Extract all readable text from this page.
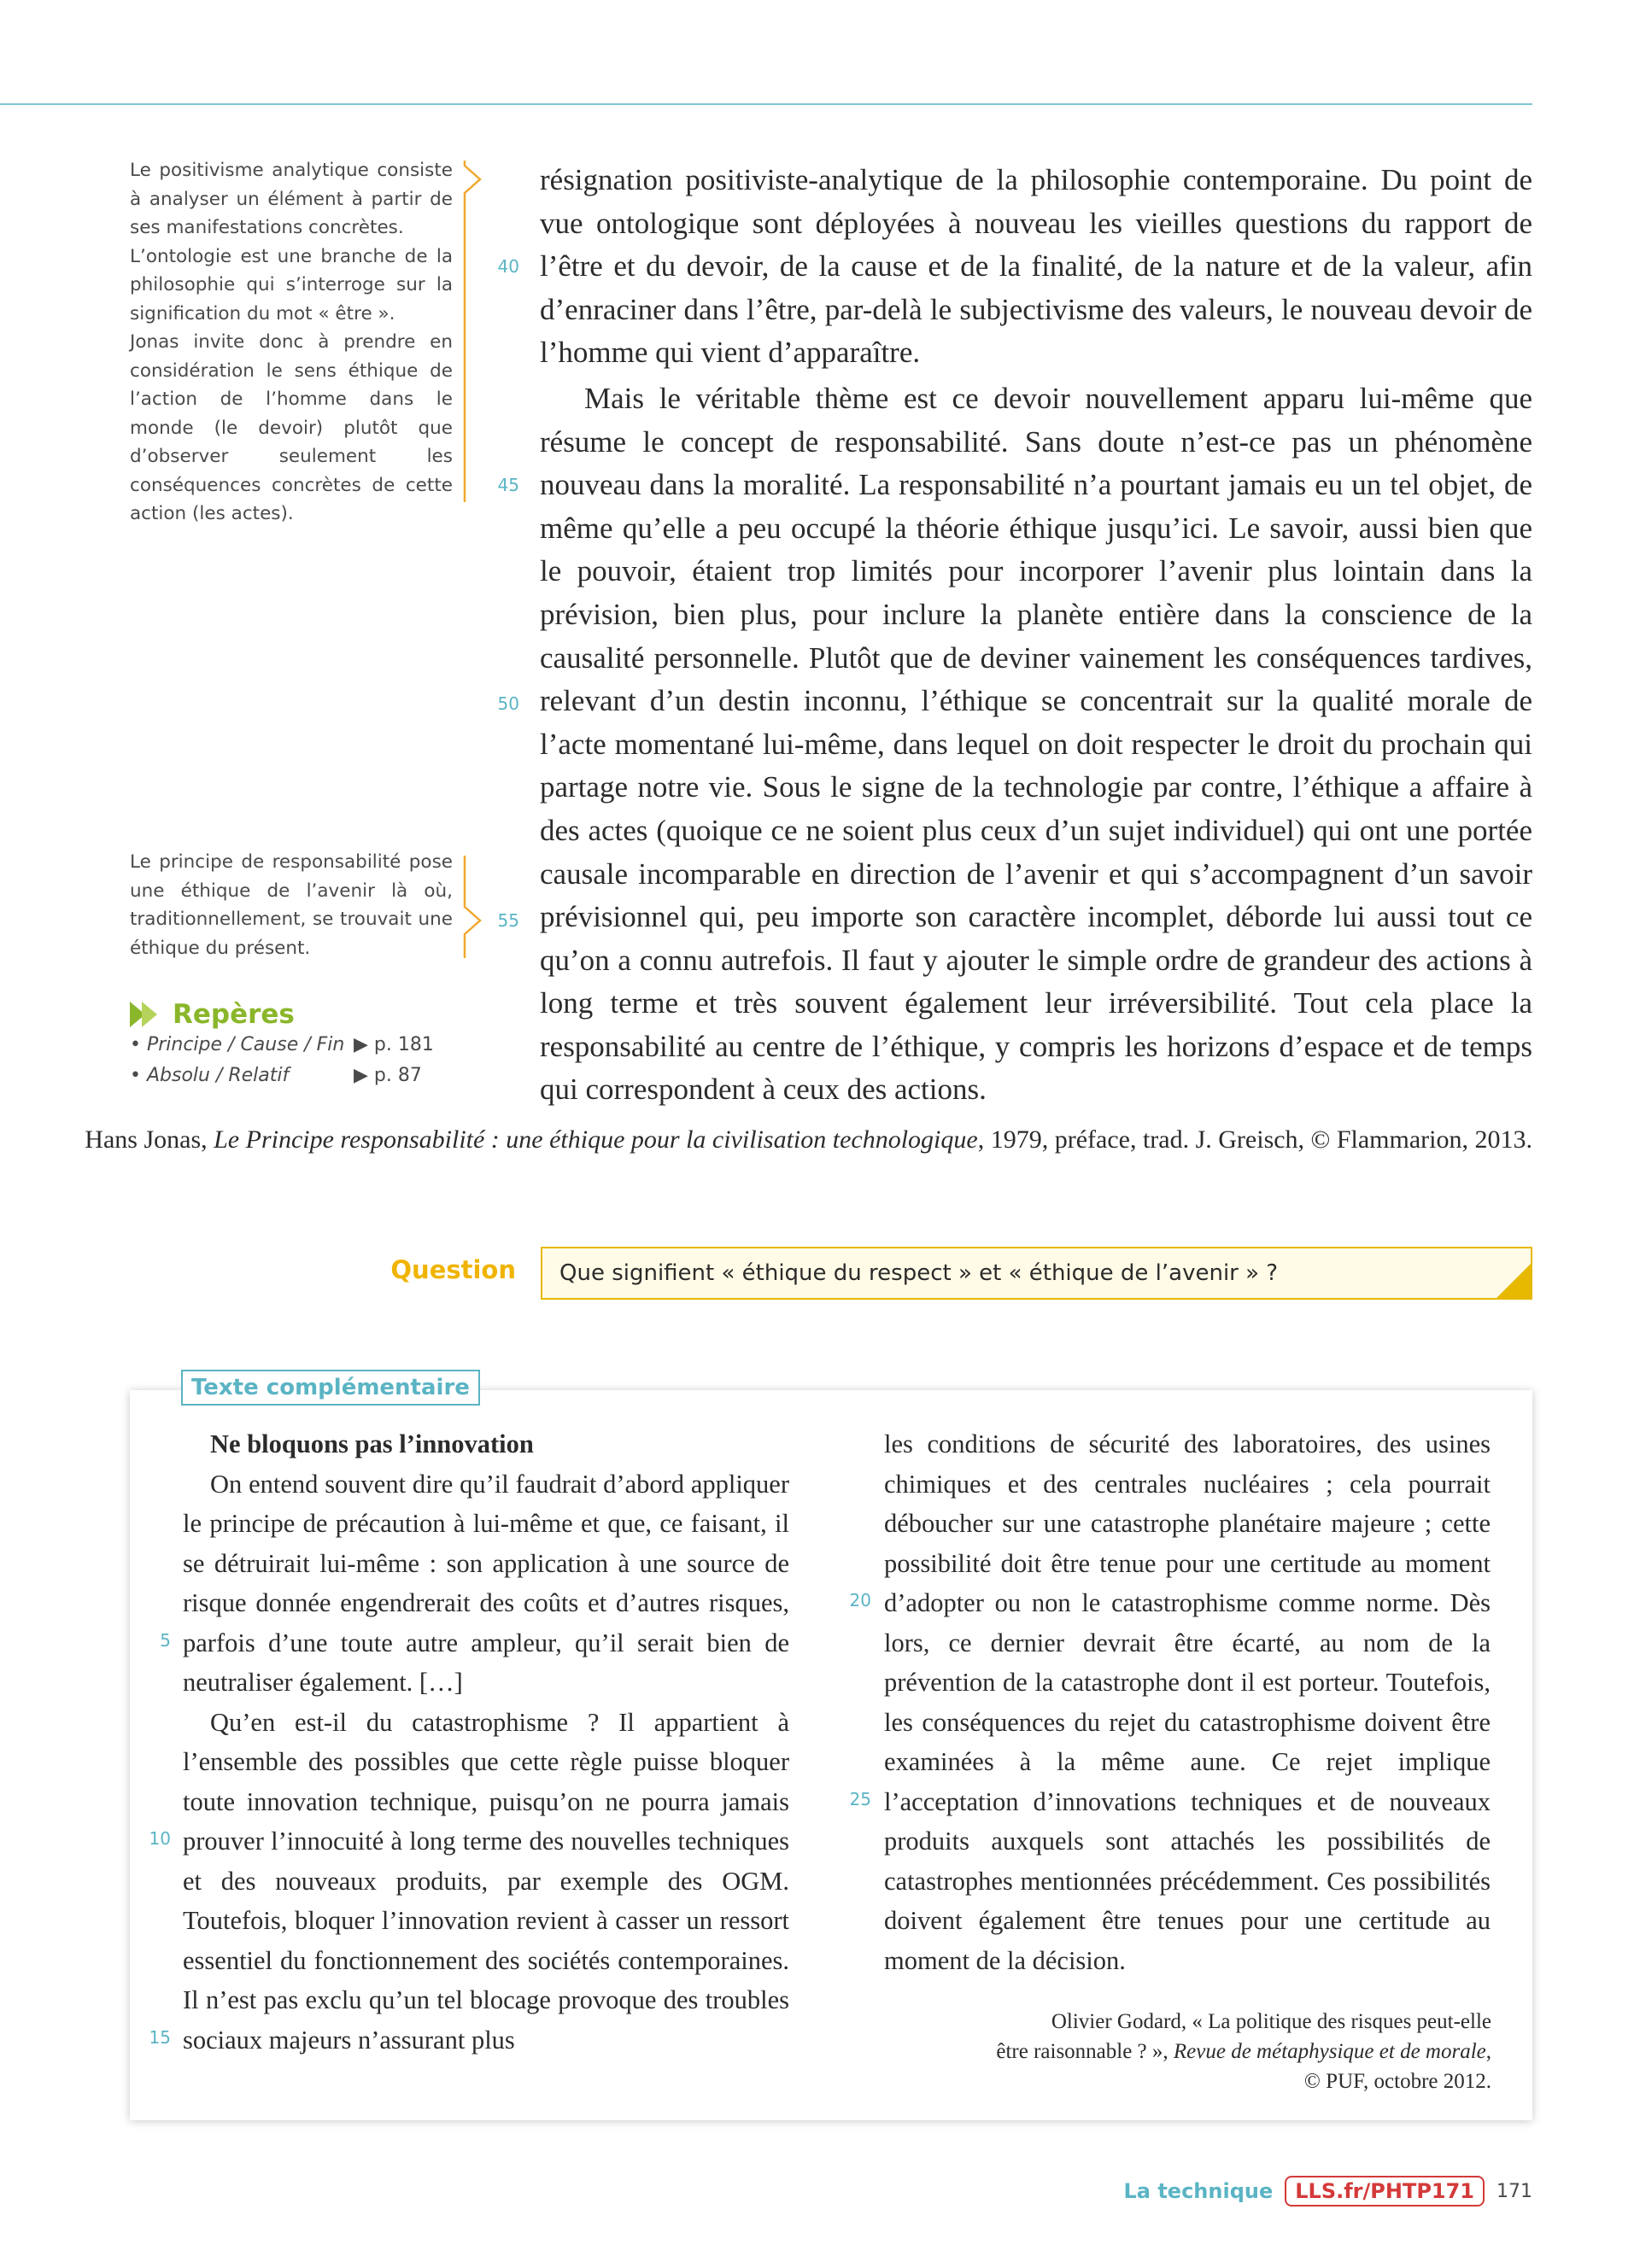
Le positivisme analytique consiste à analyser un élément à partir de ses manifestations concrètes.

L’ontologie est une branche de la philosophie qui s’interroge sur la signification du mot « être ».

Jonas invite donc à prendre en considération le sens éthique de l’action de l’homme dans le monde (le devoir) plutôt que d’observer seulement les conséquences concrètes de cette action (les actes).

Le principe de responsabilité pose une éthique de l’avenir là où, traditionnellement, se trouvait une éthique du présent.

Repères
• Principe / Cause / Fin ▶ p. 181
• Absolu / Relatif	▶ p. 87

résignation positiviste-analytique de la philosophie contemporaine. Du point de vue ontologique sont déployées à nouveau les vieilles questions du rapport de l’être et du devoir, de la cause et de la finalité, de la nature et de la valeur, afin d’enraciner dans l’être, par-delà le subjectivisme des valeurs, le nouveau devoir de l’homme qui vient d’apparaître.

Mais le véritable thème est ce devoir nouvellement apparu lui-même que résume le concept de responsabilité. Sans doute n’est-ce pas un phénomène nouveau dans la moralité. La responsabilité n’a pourtant jamais eu un tel objet, de même qu’elle a peu occupé la théorie éthique jusqu’ici. Le savoir, aussi bien que le pouvoir, étaient trop limités pour incorporer l’avenir plus lointain dans la prévision, bien plus, pour inclure la planète entière dans la conscience de la causalité personnelle. Plutôt que de deviner vainement les conséquences tardives, relevant d’un destin inconnu, l’éthique se concentrait sur la qualité morale de l’acte momentané lui-même, dans lequel on doit respecter le droit du prochain qui partage notre vie. Sous le signe de la technologie par contre, l’éthique a affaire à des actes (quoique ce ne soient plus ceux d’un sujet individuel) qui ont une portée causale incomparable en direction de l’avenir et qui s’accompagnent d’un savoir prévisionnel qui, peu importe son caractère incomplet, déborde lui aussi tout ce qu’on a connu autrefois. Il faut y ajouter le simple ordre de grandeur des actions à long terme et très souvent également leur irréversibilité. Tout cela place la responsabilité au centre de l’éthique, y compris les horizons d’espace et de temps qui correspondent à ceux des actions.

40
45
50
55
Hans Jonas, Le Principe responsabilité : une éthique pour la civilisation technologique, 1979, préface, trad. J. Greisch, © Flammarion, 2013.
Question Que signifient « éthique du respect » et « éthique de l’avenir » ?
Texte complémentaire
Ne bloquons pas l’innovation

On entend souvent dire qu’il faudrait d’abord appliquer le principe de précaution à lui-même et que, ce faisant, il se détruirait lui-même : son application à une source de risque donnée engendrerait des coûts et d’autres risques, parfois d’une toute autre ampleur, qu’il serait bien de neutraliser également. […]

Qu’en est-il du catastrophisme ? Il appartient à l’ensemble des possibles que cette règle puisse bloquer toute innovation technique, puisqu’on ne pourra jamais prouver l’innocuité à long terme des nouvelles techniques et des nouveaux produits, par exemple des OGM. Toutefois, bloquer l’innovation revient à casser un ressort essentiel du fonctionnement des sociétés contemporaines. Il n’est pas exclu qu’un tel blocage provoque des troubles sociaux majeurs n’assurant plus

les conditions de sécurité des laboratoires, des usines chimiques et des centrales nucléaires ; cela pourrait déboucher sur une catastrophe planétaire majeure ; cette possibilité doit être tenue pour une certitude au moment d’adopter ou non le catastrophisme comme norme. Dès lors, ce dernier devrait être écarté, au nom de la prévention de la catastrophe dont il est porteur. Toutefois, les conséquences du rejet du catastrophisme doivent être examinées à la même aune. Ce rejet implique l’acceptation d’innovations techniques et de nouveaux produits auxquels sont attachés les possibilités de catastrophes mentionnées précédemment. Ces possibilités doivent également être tenues pour une certitude au moment de la décision.

5
10
15
20
25
Olivier Godard, « La politique des risques peut-elle
être raisonnable ? », Revue de métaphysique et de morale,
© PUF, octobre 2012.
La technique	LLS.fr/PHTP171	171
